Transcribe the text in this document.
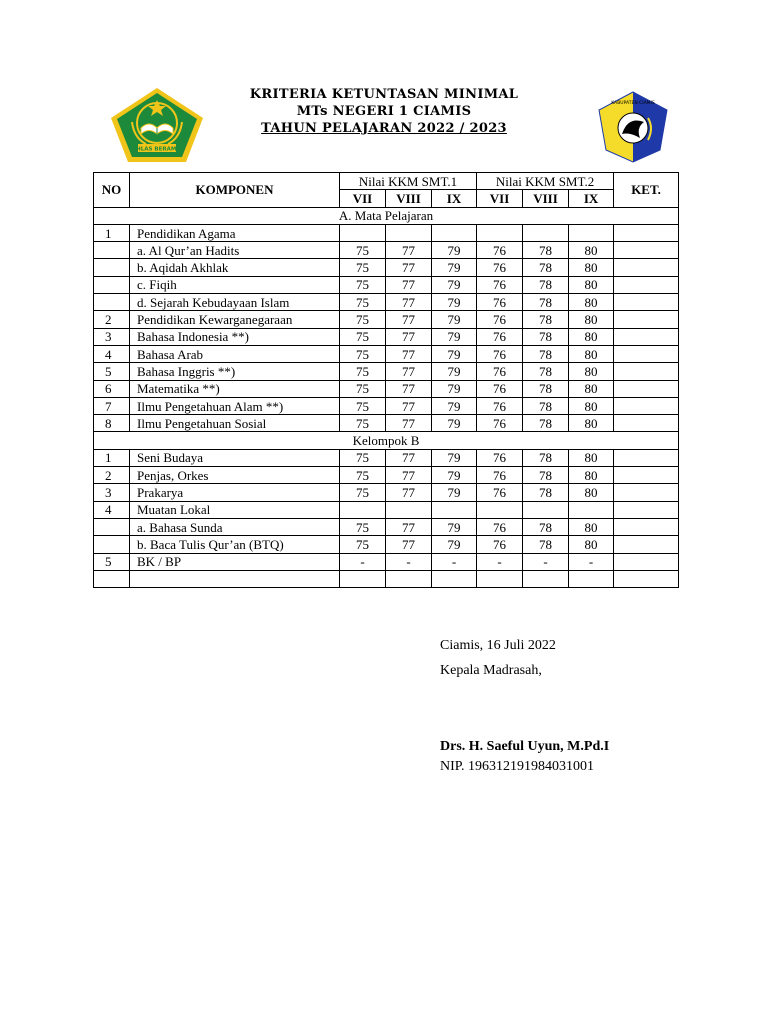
IKHLAS BERAMAL
KABUPATEN CIAMIS
KRITERIA KETUNTASAN MINIMAL
MTs NEGERI 1 CIAMIS
TAHUN PELAJARAN 2022 / 2023
NO	KOMPONEN	Nilai KKM SMT.1			Nilai KKM SMT.2			KET.
		VII	VIII	IX	VII	VIII	IX	
A. Mata Pelajaran								
1	Pendidikan Agama							
	a. Al Qur’an Hadits	75	77	79	76	78	80	
	b. Aqidah Akhlak	75	77	79	76	78	80	
	c. Fiqih	75	77	79	76	78	80	
	d. Sejarah Kebudayaan Islam	75	77	79	76	78	80	
2	Pendidikan Kewarganegaraan	75	77	79	76	78	80	
3	Bahasa Indonesia **)	75	77	79	76	78	80	
4	Bahasa Arab	75	77	79	76	78	80	
5	Bahasa Inggris **)	75	77	79	76	78	80	
6	Matematika **)	75	77	79	76	78	80	
7	Ilmu Pengetahuan Alam **)	75	77	79	76	78	80	
8	Ilmu Pengetahuan Sosial	75	77	79	76	78	80	
Kelompok B								
1	Seni Budaya	75	77	79	76	78	80	
2	Penjas, Orkes	75	77	79	76	78	80	
3	Prakarya	75	77	79	76	78	80	
4	Muatan Lokal							
	a. Bahasa Sunda	75	77	79	76	78	80	
	b. Baca Tulis Qur’an (BTQ)	75	77	79	76	78	80	
5	BK / BP	-	-	-	-	-	-	

Ciamis, 16 Juli 2022
Kepala Madrasah,
Drs. H. Saeful Uyun, M.Pd.I
NIP. 196312191984031001
